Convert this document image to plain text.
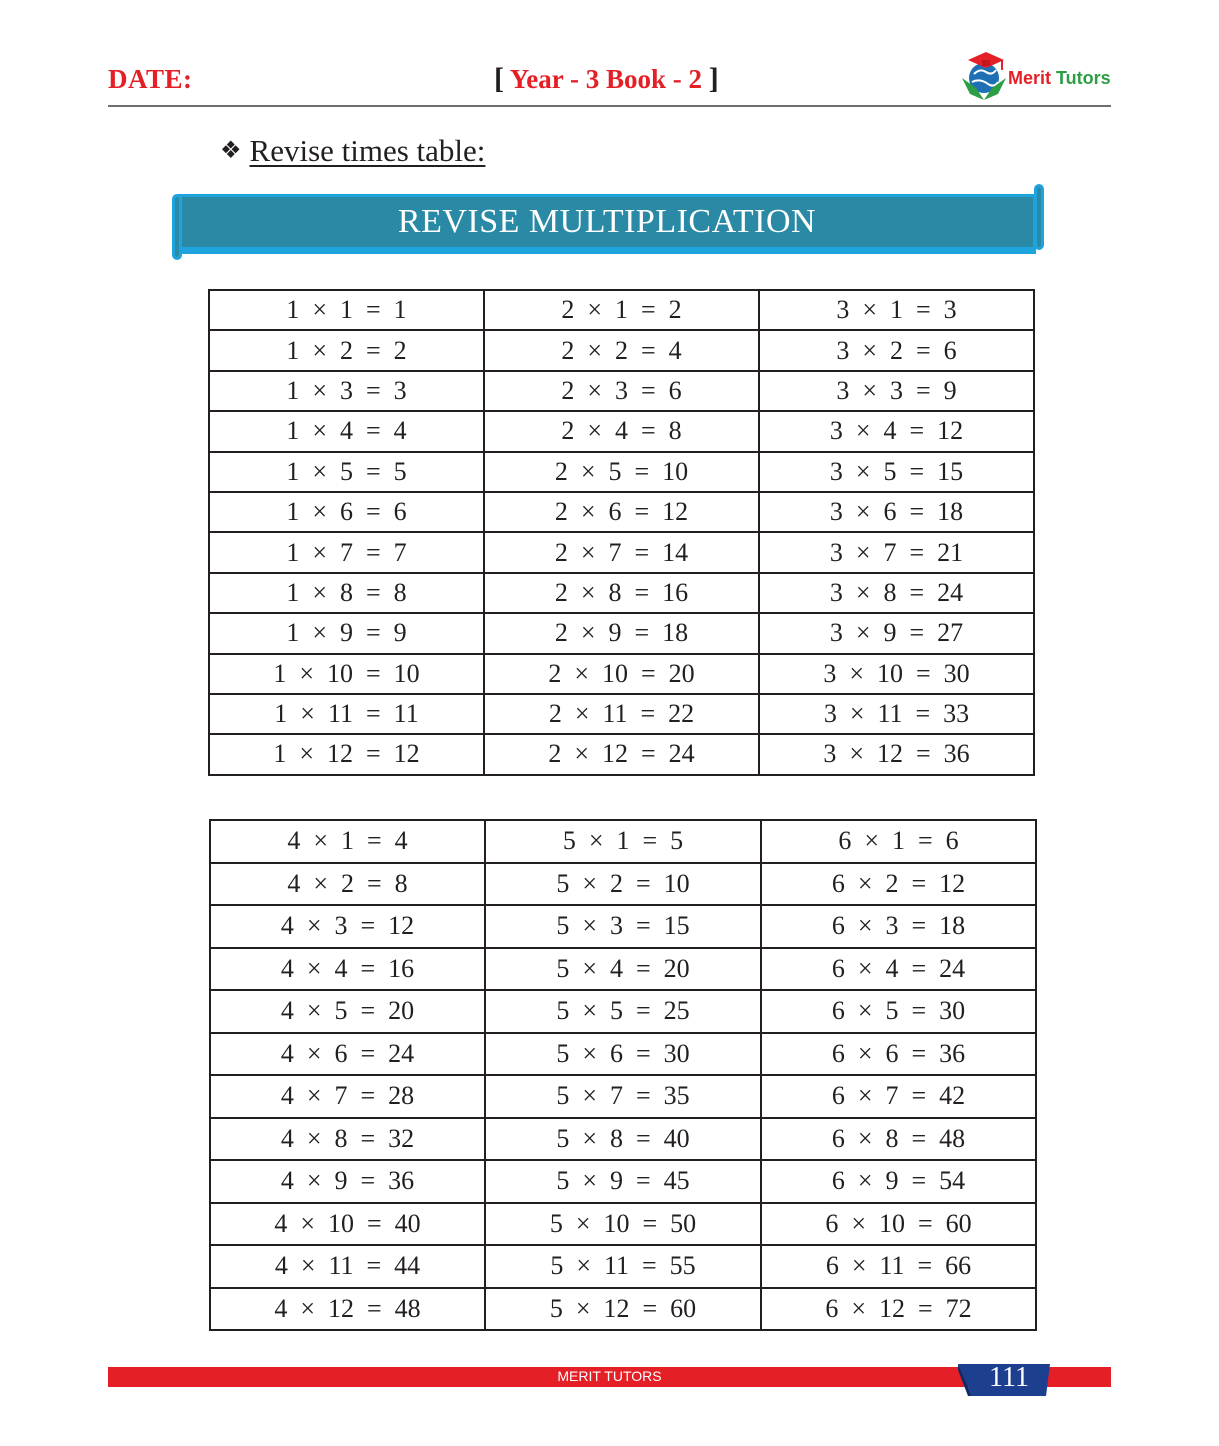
DATE:	[ Year - 3 Book - 2 ]	Merit Tutors
❖ Revise times table:
REVISE MULTIPLICATION
1  ×  1  =  1	2  ×  1  =  2	3  ×  1  =  3
1  ×  2  =  2	2  ×  2  =  4	3  ×  2  =  6
1  ×  3  =  3	2  ×  3  =  6	3  ×  3  =  9
1  ×  4  =  4	2  ×  4  =  8	3  ×  4  =  12
1  ×  5  =  5	2  ×  5  =  10	3  ×  5  =  15
1  ×  6  =  6	2  ×  6  =  12	3  ×  6  =  18
1  ×  7  =  7	2  ×  7  =  14	3  ×  7  =  21
1  ×  8  =  8	2  ×  8  =  16	3  ×  8  =  24
1  ×  9  =  9	2  ×  9  =  18	3  ×  9  =  27
1  ×  10  =  10	2  ×  10  =  20	3  ×  10  =  30
1  ×  11  =  11	2  ×  11  =  22	3  ×  11  =  33
1  ×  12  =  12	2  ×  12  =  24	3  ×  12  =  36
4  ×  1  =  4	5  ×  1  =  5	6  ×  1  =  6
4  ×  2  =  8	5  ×  2  =  10	6  ×  2  =  12
4  ×  3  =  12	5  ×  3  =  15	6  ×  3  =  18
4  ×  4  =  16	5  ×  4  =  20	6  ×  4  =  24
4  ×  5  =  20	5  ×  5  =  25	6  ×  5  =  30
4  ×  6  =  24	5  ×  6  =  30	6  ×  6  =  36
4  ×  7  =  28	5  ×  7  =  35	6  ×  7  =  42
4  ×  8  =  32	5  ×  8  =  40	6  ×  8  =  48
4  ×  9  =  36	5  ×  9  =  45	6  ×  9  =  54
4  ×  10  =  40	5  ×  10  =  50	6  ×  10  =  60
4  ×  11  =  44	5  ×  11  =  55	6  ×  11  =  66
4  ×  12  =  48	5  ×  12  =  60	6  ×  12  =  72
MERIT TUTORS	111
